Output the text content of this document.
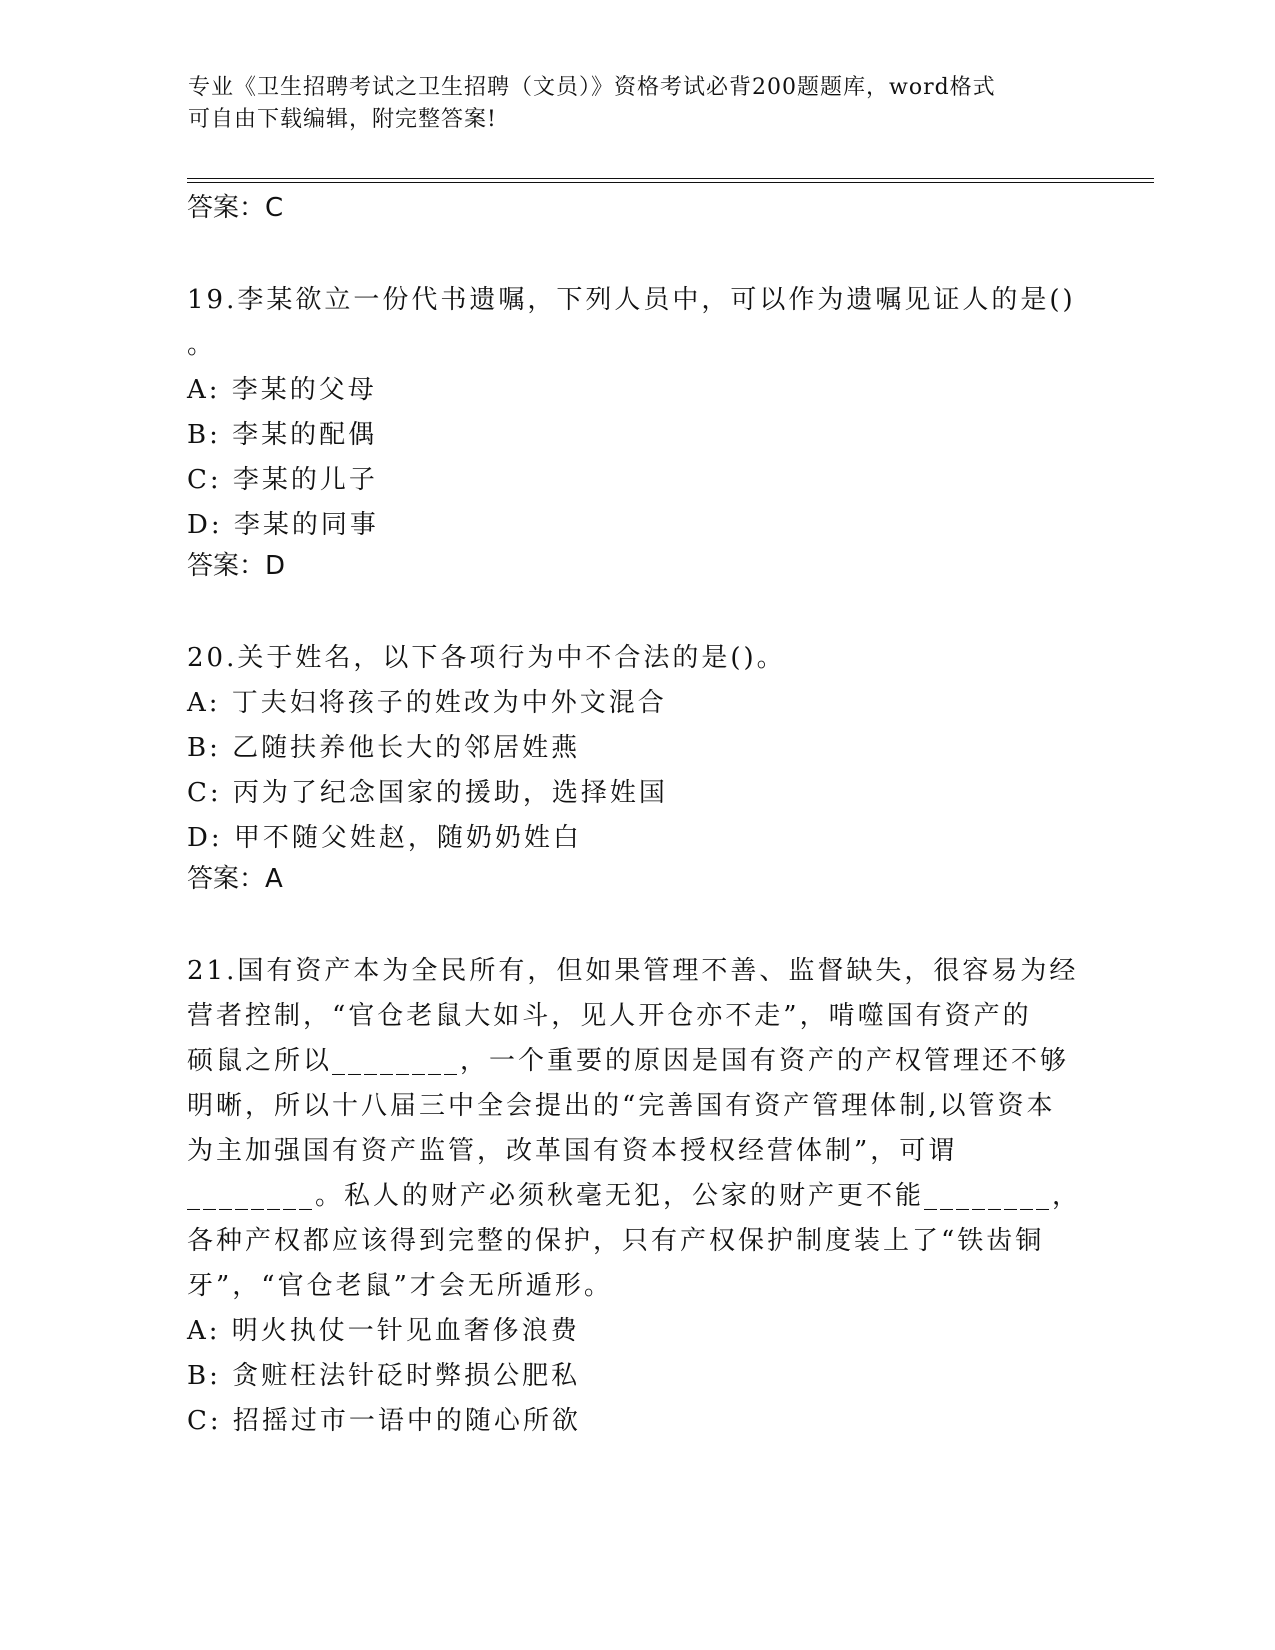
专业《卫生招聘考试之卫生招聘（文员）》资格考试必背200题题库，word格式
可自由下载编辑，附完整答案!

答案：C

19.李某欲立一份代书遗嘱，下列人员中，可以作为遗嘱见证人的是()

。

A: 李某的父母

B: 李某的配偶

C: 李某的儿子

D: 李某的同事

答案：D

20.关于姓名，以下各项行为中不合法的是()。

A: 丁夫妇将孩子的姓改为中外文混合

B: 乙随扶养他长大的邻居姓燕

C: 丙为了纪念国家的援助，选择姓国

D: 甲不随父姓赵，随奶奶姓白

答案：A

21.国有资产本为全民所有，但如果管理不善、监督缺失，很容易为经

营者控制，“官仓老鼠大如斗，见人开仓亦不走”，啃噬国有资产的

硕鼠之所以________，一个重要的原因是国有资产的产权管理还不够

明晰，所以十八届三中全会提出的“完善国有资产管理体制,以管资本

为主加强国有资产监管，改革国有资本授权经营体制”，可谓

________。私人的财产必须秋毫无犯，公家的财产更不能________，

各种产权都应该得到完整的保护，只有产权保护制度装上了“铁齿铜

牙”，“官仓老鼠”才会无所遁形。

A: 明火执仗一针见血奢侈浪费

B: 贪赃枉法针砭时弊损公肥私

C: 招摇过市一语中的随心所欲
